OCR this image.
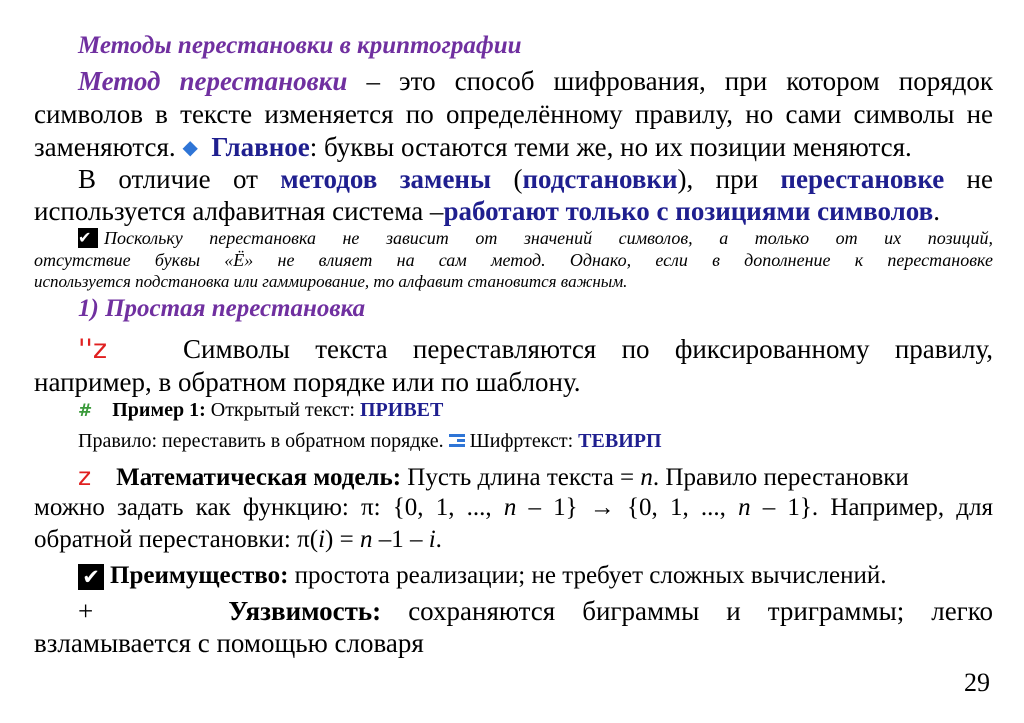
Методы перестановки в криптографии
Метод перестановки – это способ шифрования, при котором порядок
символов в тексте изменяется по определённому правилу, но сами символы не
заменяются. ◆ Главное: буквы остаются теми же, но их позиции меняются.
В отличие от методов замены (подстановки), при перестановке не
используется алфавитная система –работают только с позициями символов.
✔ Поскольку перестановка не зависит от значений символов, а только от их позиций,
отсутствие буквы «Ё» не влияет на сам метод. Однако, если в дополнение к перестановке
используется подстановка или гаммирование, то алфавит становится важным.
1) Простая перестановка
''z	Символы текста переставляются по фиксированному правилу,
например, в обратном порядке или по шаблону.
# Пример 1: Открытый текст: ПРИВЕТ
Правило: переставить в обратном порядке.
Шифртекст: ТЕВИРП
z Математическая модель: Пусть длина текста = n. Правило перестановки
можно задать как функцию: π: {0, 1, ..., n – 1} → {0, 1, ..., n – 1}. Например, для
обратной перестановки: π(i) = n –1 – i.
✔ Преимущество: простота реализации; не требует сложных вычислений.
+	Уязвимость: сохраняются биграммы и триграммы; легко
взламывается с помощью словаря
29
